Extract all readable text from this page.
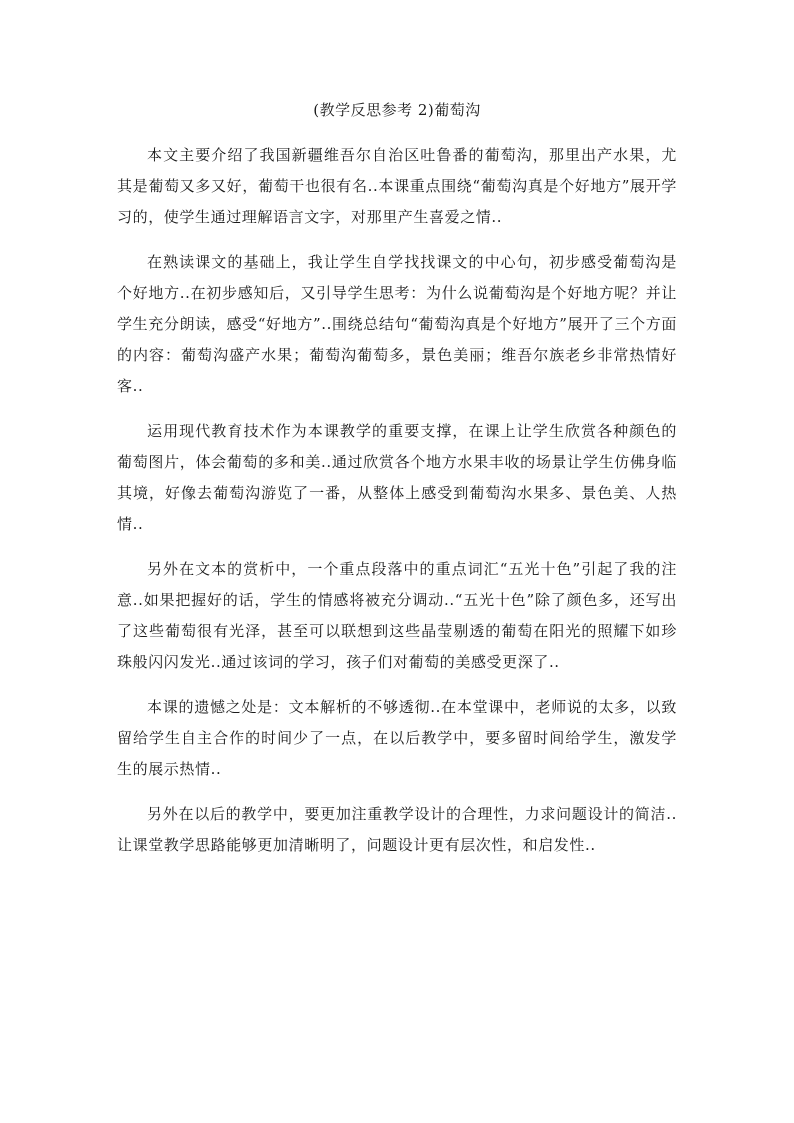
(教学反思参考 2)葡萄沟

本文主要介绍了我国新疆维吾尔自治区吐鲁番的葡萄沟，那里出产水果，尤其是葡萄又多又好，葡萄干也很有名..本课重点围绕“葡萄沟真是个好地方”展开学习的，使学生通过理解语言文字，对那里产生喜爱之情..

在熟读课文的基础上，我让学生自学找找课文的中心句，初步感受葡萄沟是个好地方..在初步感知后，又引导学生思考：为什么说葡萄沟是个好地方呢？并让学生充分朗读，感受“好地方”..围绕总结句“葡萄沟真是个好地方”展开了三个方面的内容：葡萄沟盛产水果；葡萄沟葡萄多，景色美丽；维吾尔族老乡非常热情好客..

运用现代教育技术作为本课教学的重要支撑，在课上让学生欣赏各种颜色的葡萄图片，体会葡萄的多和美..通过欣赏各个地方水果丰收的场景让学生仿佛身临其境，好像去葡萄沟游览了一番，从整体上感受到葡萄沟水果多、景色美、人热情..

另外在文本的赏析中，一个重点段落中的重点词汇“五光十色”引起了我的注意..如果把握好的话，学生的情感将被充分调动..“五光十色”除了颜色多，还写出了这些葡萄很有光泽，甚至可以联想到这些晶莹剔透的葡萄在阳光的照耀下如珍珠般闪闪发光..通过该词的学习，孩子们对葡萄的美感受更深了..

本课的遗憾之处是：文本解析的不够透彻..在本堂课中，老师说的太多，以致留给学生自主合作的时间少了一点，在以后教学中，要多留时间给学生，激发学生的展示热情..

另外在以后的教学中，要更加注重教学设计的合理性，力求问题设计的简洁..让课堂教学思路能够更加清晰明了，问题设计更有层次性，和启发性..
